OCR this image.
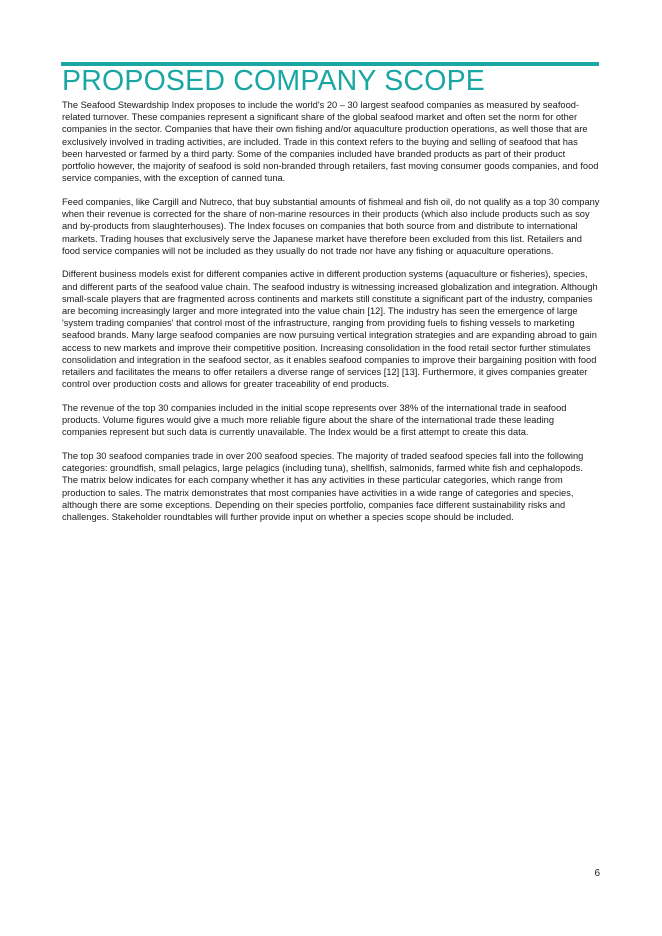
PROPOSED COMPANY SCOPE

The Seafood Stewardship Index proposes to include the world's 20 – 30 largest seafood companies as measured by seafood-related turnover. These companies represent a significant share of the global seafood market and often set the norm for other companies in the sector. Companies that have their own fishing and/or aquaculture production operations, as well those that are exclusively involved in trading activities, are included. Trade in this context refers to the buying and selling of seafood that has been harvested or farmed by a third party. Some of the companies included have branded products as part of their product portfolio however, the majority of seafood is sold non-branded through retailers, fast moving consumer goods companies, and food service companies, with the exception of canned tuna.

Feed companies, like Cargill and Nutreco, that buy substantial amounts of fishmeal and fish oil, do not qualify as a top 30 company when their revenue is corrected for the share of non-marine resources in their products (which also include products such as soy and by-products from slaughterhouses). The Index focuses on companies that both source from and distribute to international markets. Trading houses that exclusively serve the Japanese market have therefore been excluded from this list. Retailers and food service companies will not be included as they usually do not trade nor have any fishing or aquaculture operations.

Different business models exist for different companies active in different production systems (aquaculture or fisheries), species, and different parts of the seafood value chain. The seafood industry is witnessing increased globalization and integration. Although small-scale players that are fragmented across continents and markets still constitute a significant part of the industry, companies are becoming increasingly larger and more integrated into the value chain [12]. The industry has seen the emergence of large 'system trading companies' that control most of the infrastructure, ranging from providing fuels to fishing vessels to marketing seafood brands. Many large seafood companies are now pursuing vertical integration strategies and are expanding abroad to gain access to new markets and improve their competitive position. Increasing consolidation in the food retail sector further stimulates consolidation and integration in the seafood sector, as it enables seafood companies to improve their bargaining position with food retailers and facilitates the means to offer retailers a diverse range of services [12] [13]. Furthermore, it gives companies greater control over production costs and allows for greater traceability of end products.

The revenue of the top 30 companies included in the initial scope represents over 38% of the international trade in seafood products. Volume figures would give a much more reliable figure about the share of the international trade these leading companies represent but such data is currently unavailable. The Index would be a first attempt to create this data.

The top 30 seafood companies trade in over 200 seafood species. The majority of traded seafood species fall into the following categories: groundfish, small pelagics, large pelagics (including tuna), shellfish, salmonids, farmed white fish and cephalopods. The matrix below indicates for each company whether it has any activities in these particular categories, which range from production to sales. The matrix demonstrates that most companies have activities in a wide range of categories and species, although there are some exceptions. Depending on their species portfolio, companies face different sustainability risks and challenges. Stakeholder roundtables will further provide input on whether a species scope should be included.

6
